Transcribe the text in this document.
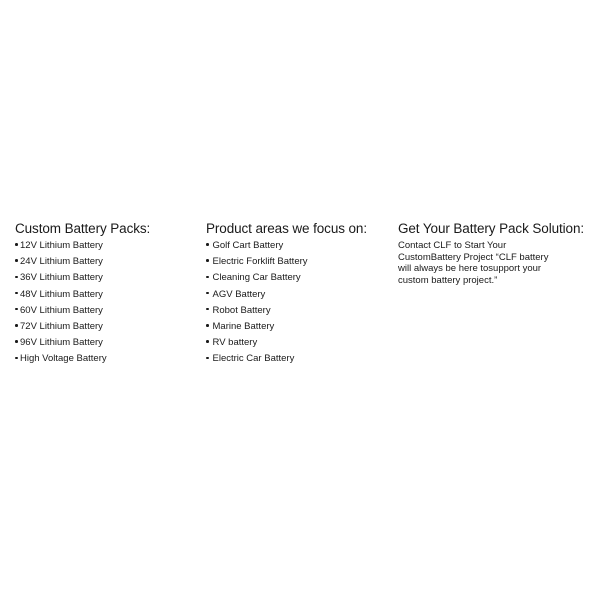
Custom Battery Packs:
12V Lithium Battery
24V Lithium Battery
36V Lithium Battery
48V Lithium Battery
60V Lithium Battery
72V Lithium Battery
96V Lithium Battery
High Voltage Battery
Product areas we focus on:
Golf Cart Battery
Electric Forklift Battery
Cleaning Car Battery
AGV Battery
Robot Battery
Marine Battery
RV battery
Electric Car Battery
Get Your Battery Pack Solution:

Contact CLF to Start Your CustomBattery Project “CLF battery will always be here tosupport your custom battery project.”
